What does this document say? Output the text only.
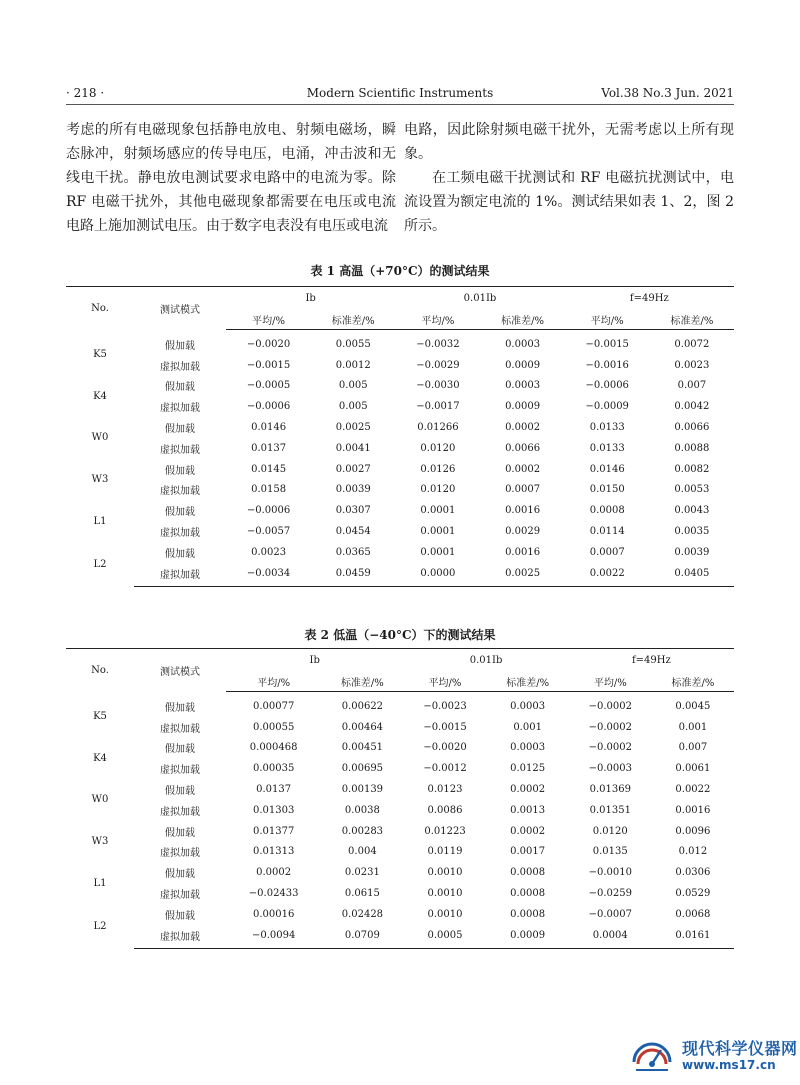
· 218 ·	Modern Scientific Instruments	Vol.38 No.3 Jun. 2021

考虑的所有电磁现象包括静电放电、射频电磁场，瞬态脉冲，射频场感应的传导电压，电涌，冲击波和无线电干扰。静电放电测试要求电路中的电流为零。除RF 电磁干扰外，其他电磁现象都需要在电压或电流电路上施加测试电压。由于数字电表没有电压或电流

电路，因此除射频电磁干扰外，无需考虑以上所有现象。

在工频电磁干扰测试和 RF 电磁抗扰测试中，电流设置为额定电流的 1%。测试结果如表 1、2，图 2 所示。

表 1 高温（+70°C）的测试结果
No.	测试模式	Ib		0.01Ib		f=49Hz	
		平均/%	标准差/%	平均/%	标准差/%	平均/%	标准差/%
K5	假加载	−0.0020	0.0055	−0.0032	0.0003	−0.0015	0.0072
	虚拟加载	−0.0015	0.0012	−0.0029	0.0009	−0.0016	0.0023
K4	假加载	−0.0005	0.005	−0.0030	0.0003	−0.0006	0.007
	虚拟加载	−0.0006	0.005	−0.0017	0.0009	−0.0009	0.0042
W0	假加载	0.0146	0.0025	0.01266	0.0002	0.0133	0.0066
	虚拟加载	0.0137	0.0041	0.0120	0.0066	0.0133	0.0088
W3	假加载	0.0145	0.0027	0.0126	0.0002	0.0146	0.0082
	虚拟加载	0.0158	0.0039	0.0120	0.0007	0.0150	0.0053
L1	假加载	−0.0006	0.0307	0.0001	0.0016	0.0008	0.0043
	虚拟加载	−0.0057	0.0454	0.0001	0.0029	0.0114	0.0035
L2	假加载	0.0023	0.0365	0.0001	0.0016	0.0007	0.0039
	虚拟加载	−0.0034	0.0459	0.0000	0.0025	0.0022	0.0405
表 2 低温（−40°C）下的测试结果
No.	测试模式	Ib		0.01Ib		f=49Hz	
		平均/%	标准差/%	平均/%	标准差/%	平均/%	标准差/%
K5	假加载	0.00077	0.00622	−0.0023	0.0003	−0.0002	0.0045
	虚拟加载	0.00055	0.00464	−0.0015	0.001	−0.0002	0.001
K4	假加载	0.000468	0.00451	−0.0020	0.0003	−0.0002	0.007
	虚拟加载	0.00035	0.00695	−0.0012	0.0125	−0.0003	0.0061
W0	假加载	0.0137	0.00139	0.0123	0.0002	0.01369	0.0022
	虚拟加载	0.01303	0.0038	0.0086	0.0013	0.01351	0.0016
W3	假加载	0.01377	0.00283	0.01223	0.0002	0.0120	0.0096
	虚拟加载	0.01313	0.004	0.0119	0.0017	0.0135	0.012
L1	假加载	0.0002	0.0231	0.0010	0.0008	−0.0010	0.0306
	虚拟加载	−0.02433	0.0615	0.0010	0.0008	−0.0259	0.0529
L2	假加载	0.00016	0.02428	0.0010	0.0008	−0.0007	0.0068
	虚拟加载	−0.0094	0.0709	0.0005	0.0009	0.0004	0.0161
现代科学仪器网
www.ms17.cn
